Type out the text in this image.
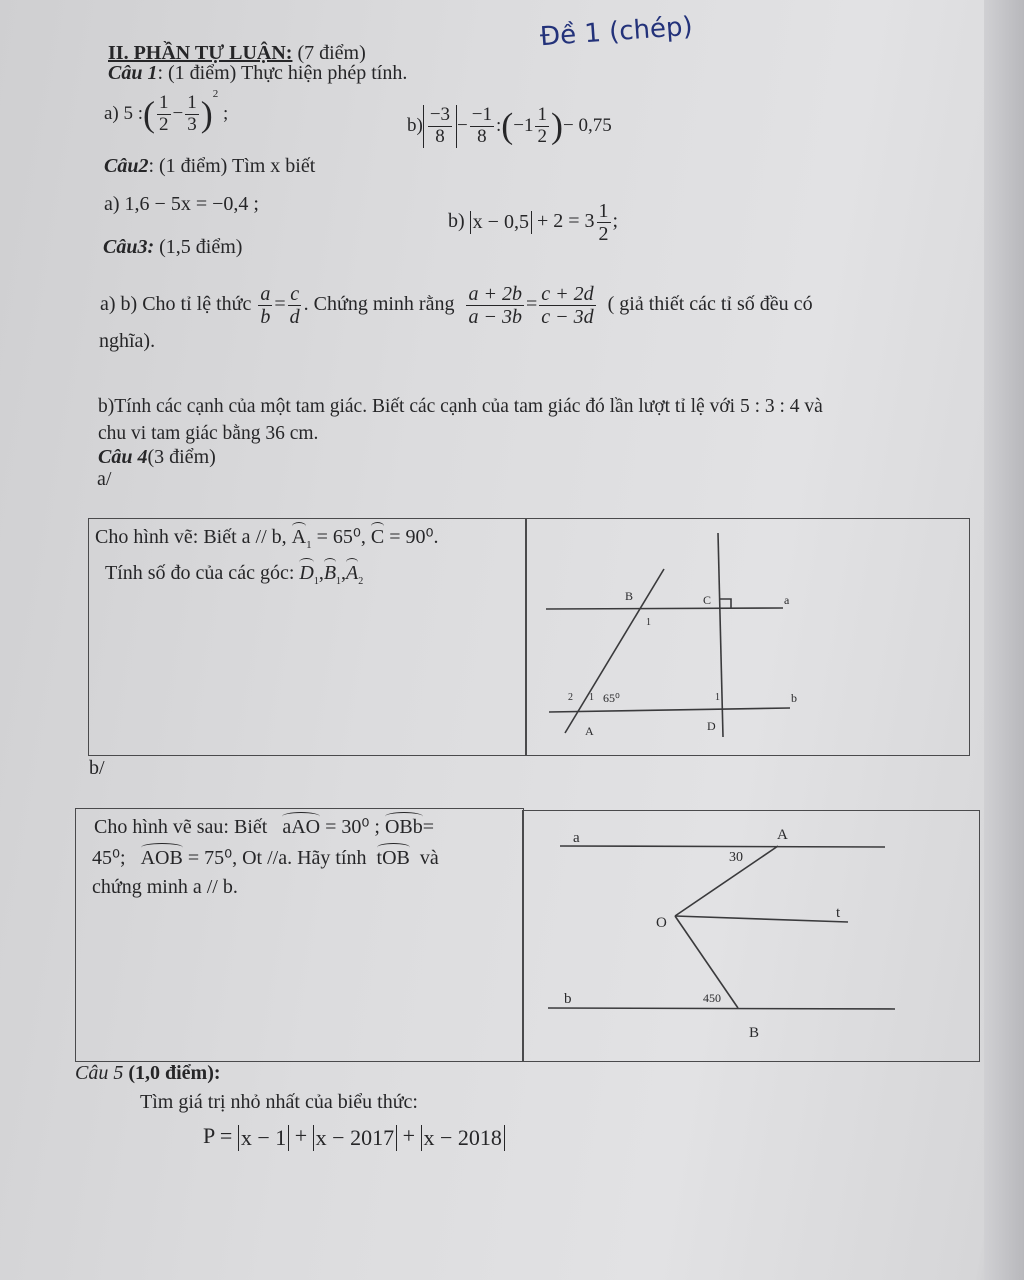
Đề 1 (chép)
II. PHẦN TỰ LUẬN: (7 điểm)
Câu 1: (1 điểm) Thực hiện phép tính.
a) 5 :( $\frac{1}{2} - \frac{1}{3} )^2$ ;
$b) \frac{-3}{8} - \frac{-1}{8}$ :(−1 $\frac{1}{2}$ )− 0,75
Câu2: (1 điểm) Tìm x biết
a) 1,6 − 5x = −0,4 ;
b) $x - 0,5 + 2 = 3 \frac{1}{2}$ ;
Câu3: (1,5 điểm)
a) b) Cho tỉ lệ thức $\frac{a}{b} = \frac{c}{d}$ . Chứng minh rằng $\frac{a + 2b}{a - 3b} = \frac{c + 2d}{c - 3d}$ ( giả thiết các tỉ số đều có
nghĩa).
b)Tính các cạnh của một tam giác. Biết các cạnh của tam giác đó lần lượt tỉ lệ với 5 : 3 : 4 và
chu vi tam giác bằng 36 cm.
Câu 4(3 điểm)
a/
Cho hình vẽ: Biết a // b, $A_1 = 65^0$, C = 90⁰.
Tính số đo của các góc: $D_1,B_1,A_2$
B	C	a
1
2 1 65⁰	1	b
A	D
a	A
30
O
t
b	450
B
b/
Cho hình vẽ sau: Biết aAO = 30⁰ ; OBb=
45⁰; AOB = 75⁰, Ot //a. Hãy tính tOB và
chứng minh a // b.
Câu 5 (1,0 điểm):
Tìm giá trị nhỏ nhất của biểu thức:
P = x − 1 + x − 2017 + x − 2018
